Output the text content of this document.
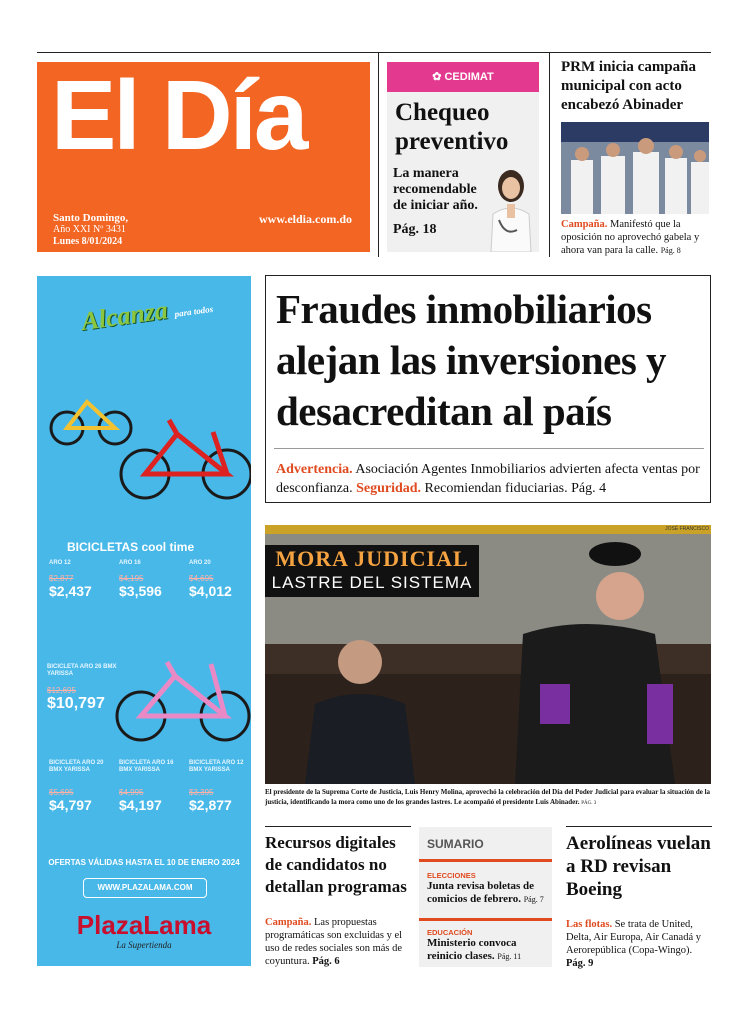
El Día
Santo Domingo,
Año XXI Nº 3431
Lunes 8/01/2024
www.eldia.com.do
✿ CEDIMAT
Chequeo preventivo
La manera recomendable de iniciar año.
Pág. 18
PRM inicia campaña municipal con acto encabezó Abinader
Campaña. Manifestó que la oposición no aprovechó gabela y ahora van para la calle. Pág. 8
Alcanza para todos
BICICLETAS cool time
ARO 12
$2,877
$2,437
ARO 16
$4,195
$3,596
ARO 20
$4,695
$4,012
BICICLETA ARO 26 BMX YARISSA
$12,695
$10,797
BICICLETA ARO 20 BMX YARISSA
$5,695
$4,797
BICICLETA ARO 16 BMX YARISSA
$4,995
$4,197
BICICLETA ARO 12 BMX YARISSA
$3,395
$2,877
OFERTAS VÁLIDAS HASTA EL 10 DE ENERO 2024
WWW.PLAZALAMA.COM
PlazaLama
La Supertienda
Fraudes inmobiliarios alejan las inversiones y desacreditan al país
Advertencia. Asociación Agentes Inmobiliarios advierten afecta ventas por desconfianza. Seguridad. Recomiendan fiduciarias. Pág. 4
JOSÉ FRANCISCO
MORA JUDICIAL
LASTRE DEL SISTEMA
El presidente de la Suprema Corte de Justicia, Luis Henry Molina, aprovechó la celebración del Día del Poder Judicial para evaluar la situación de la justicia, identificando la mora como uno de los grandes lastres. Le acompañó el presidente Luis Abinader. PÁG. 3
Recursos digitales de candidatos no detallan programas
Campaña. Las propuestas programáticas son excluidas y el uso de redes sociales son más de coyuntura. Pág. 6
SUMARIO
ELECCIONES
Junta revisa boletas de comicios de febrero. Pág. 7
EDUCACIÓN
Ministerio convoca reinicio clases. Pág. 11
Aerolíneas vuelan a RD revisan Boeing
Las flotas. Se trata de United, Delta, Air Europa, Air Canadá y Aerorepública (Copa-Wingo). Pág. 9
